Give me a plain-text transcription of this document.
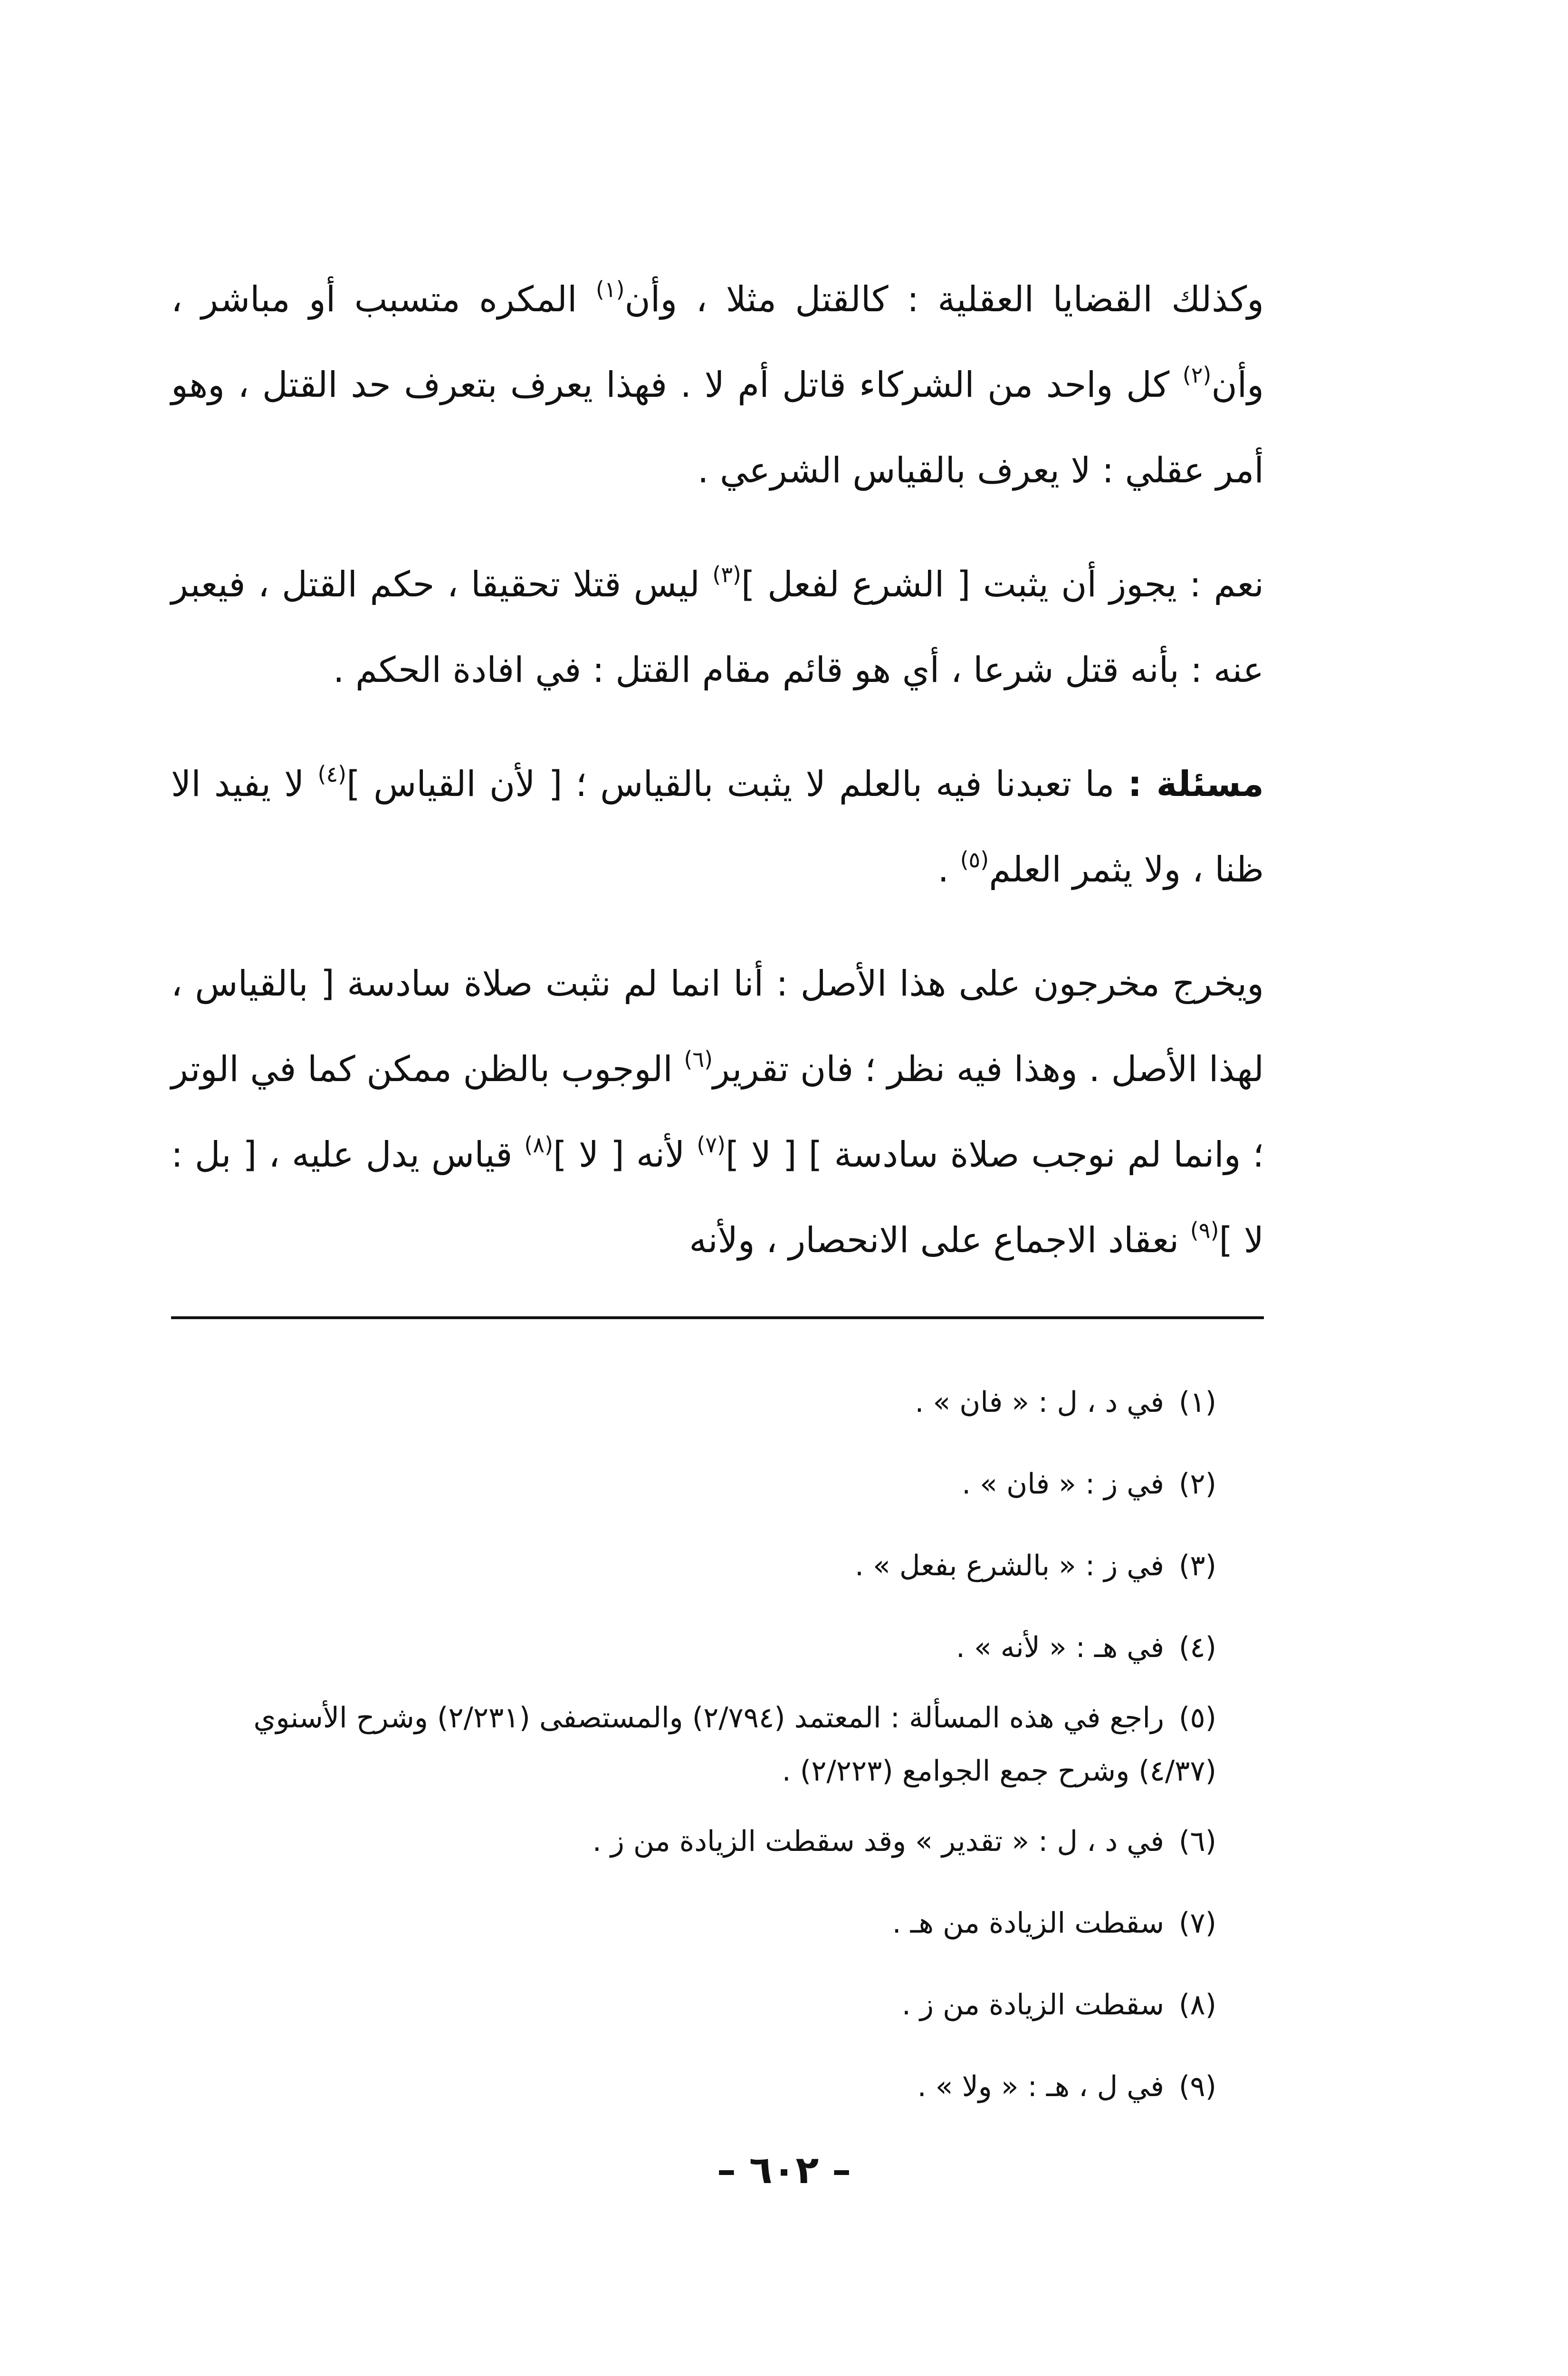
وكذلك القضايا العقلية : كالقتل مثلا ، وأن$^{(١)}$ المكره متسبب أو مباشر ، وأن$^{(٢)}$ كل واحد من الشركاء قاتل أم لا . فهذا يعرف بتعرف حد القتل ، وهو أمر عقلي : لا يعرف بالقياس الشرعي .

نعم : يجوز أن يثبت [ الشرع لفعل ]$^{(٣)}$ ليس قتلا تحقيقا ، حكم القتل ، فيعبر عنه : بأنه قتل شرعا ، أي هو قائم مقام القتل : في افادة الحكم .

مسئلة : ما تعبدنا فيه بالعلم لا يثبت بالقياس ؛ [ لأن القياس ]$^{(٤)}$ لا يفيد الا ظنا ، ولا يثمر العلم$^{(٥)}$ .

ويخرج مخرجون على هذا الأصل : أنا انما لم نثبت صلاة سادسة [ بالقياس ، لهذا الأصل . وهذا فيه نظر ؛ فان تقرير$^{(٦)}$ الوجوب بالظن ممكن كما في الوتر ؛ وانما لم نوجب صلاة سادسة ] [ لا ]$^{(٧)}$ لأنه [ لا ]$^{(٨)}$ قياس يدل عليه ، [ بل : لا ]$^{(٩)}$ نعقاد الاجماع على الانحصار ، ولأنه

(١)في د ، ل : « فان » .

(٢)في ز : « فان » .

(٣)في ز : « بالشرع بفعل » .

(٤)في هـ : « لأنه » .

(٥)راجع في هذه المسألة : المعتمد (٢/٧٩٤) والمستصفى (٢/٢٣١) وشرح الأسنوي (٤/٣٧) وشرح جمع الجوامع (٢/٢٢٣) .

(٦)في د ، ل : « تقدير » وقد سقطت الزيادة من ز .

(٧)سقطت الزيادة من هـ .

(٨)سقطت الزيادة من ز .

(٩)في ل ، هـ : « ولا » .

– ٦٠٢ –
